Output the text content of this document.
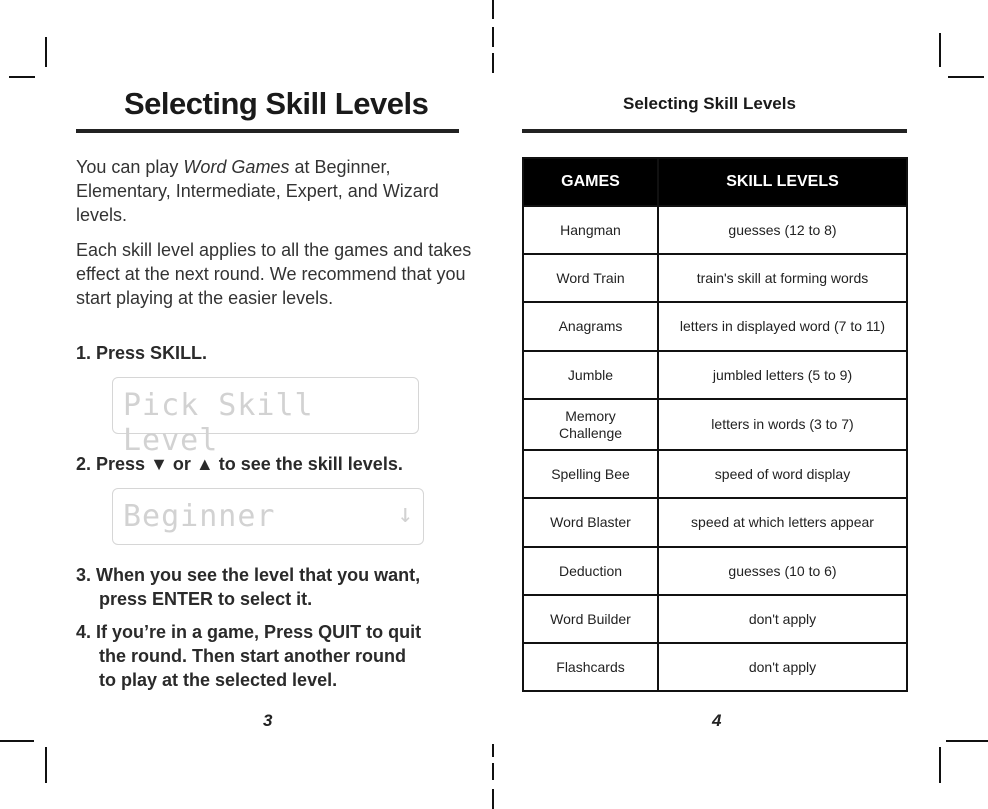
Selecting Skill Levels

You can play Word Games at Beginner, Elementary, Intermediate, Expert, and Wizard levels.

Each skill level applies to all the games and takes effect at the next round. We recommend that you start playing at the easier levels.

1. Press SKILL.

Pick Skill Level

2. Press ▼ or ▲ to see the skill levels.

Beginner	↓

3. When you see the level that you want,
press ENTER to select it.

4. If you’re in a game, Press QUIT to quit
the round. Then start another round
to play at the selected level.

3
Selecting Skill Levels
GAMES	SKILL LEVELS
Hangman	guesses (12 to 8)
Word Train	train's skill at forming words
Anagrams	letters in displayed word (7 to 11)
Jumble	jumbled letters (5 to 9)
Memory Challenge	letters in words (3 to 7)
Spelling Bee	speed of word display
Word Blaster	speed at which letters appear
Deduction	guesses (10 to 6)
Word Builder	don't apply
Flashcards	don't apply
4
